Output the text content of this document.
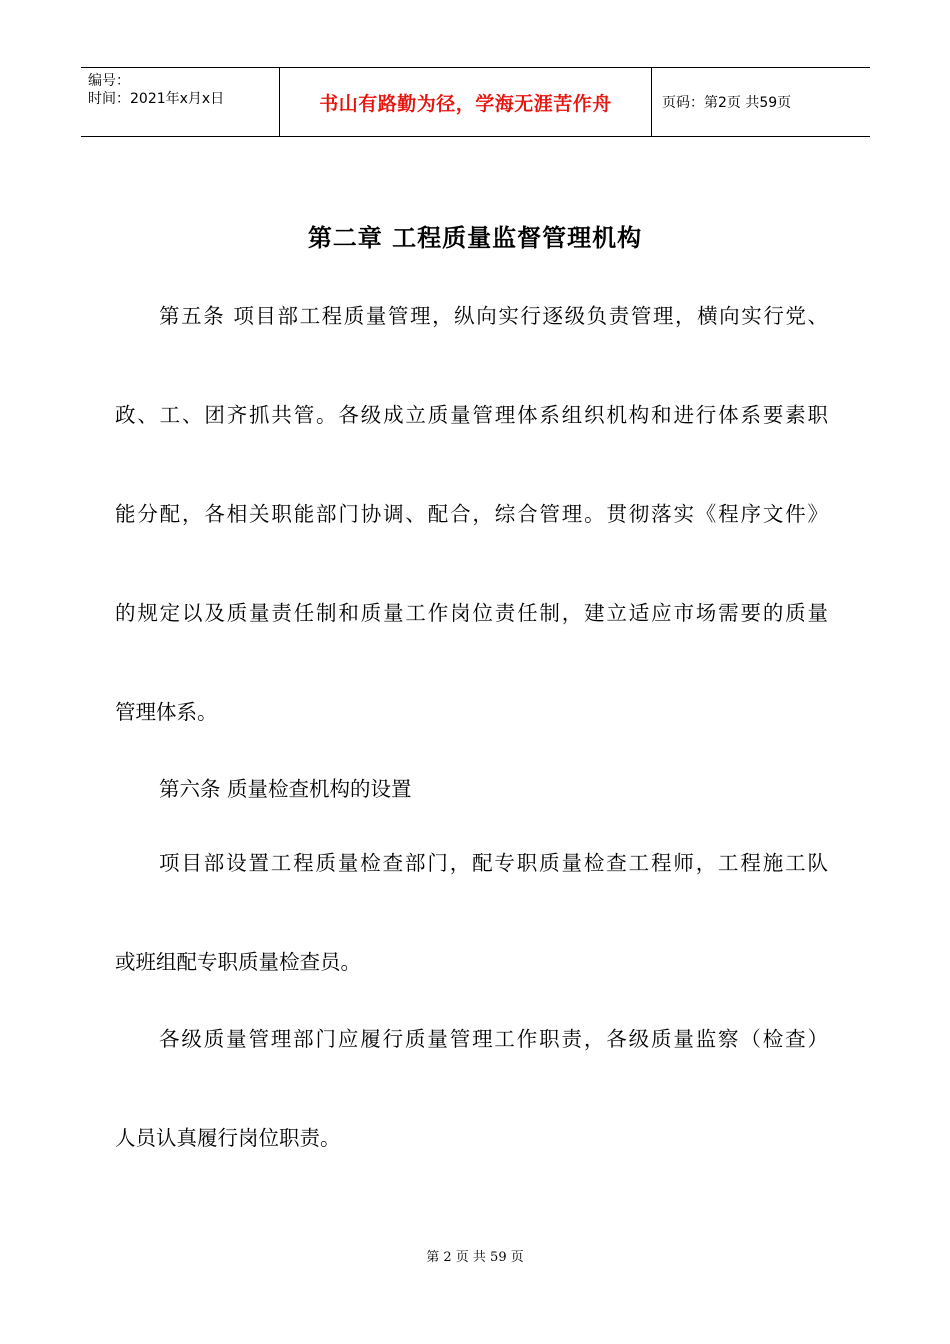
编号：
时间：2021年x月x日	书山有路勤为径，学海无涯苦作舟	页码：第2页 共59页
第二章 工程质量监督管理机构
第五条 项目部工程质量管理，纵向实行逐级负责管理，横向实行党、
政、工、团齐抓共管。各级成立质量管理体系组织机构和进行体系要素职
能分配，各相关职能部门协调、配合，综合管理。贯彻落实《程序文件》
的规定以及质量责任制和质量工作岗位责任制，建立适应市场需要的质量
管理体系。
第六条 质量检查机构的设置
项目部设置工程质量检查部门，配专职质量检查工程师，工程施工队
或班组配专职质量检查员。
各级质量管理部门应履行质量管理工作职责，各级质量监察（检查）
人员认真履行岗位职责。
第 2 页 共 59 页
